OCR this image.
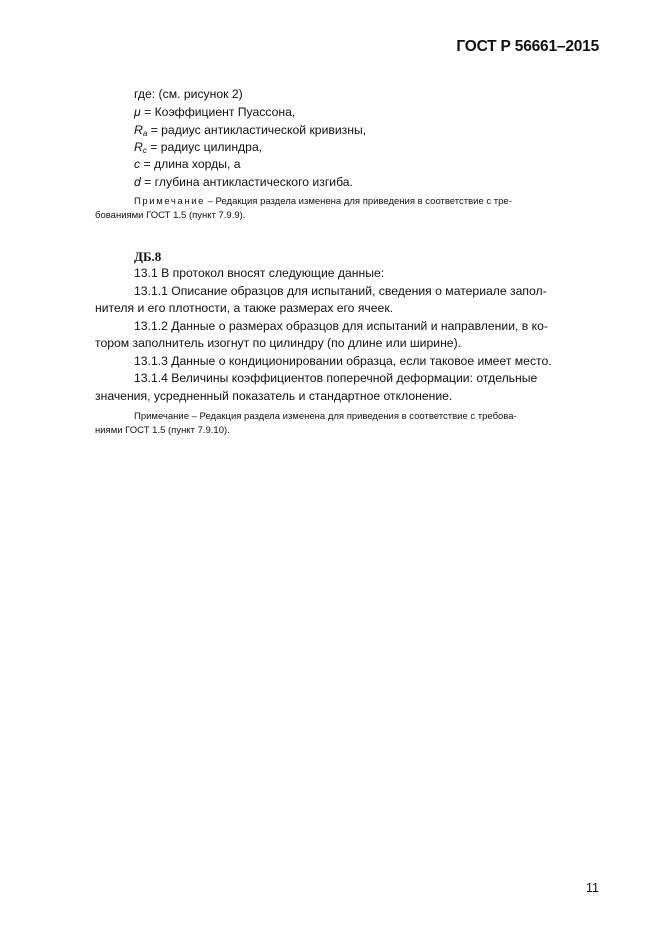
ГОСТ Р 56661–2015
где: (см. рисунок 2)
μ = Коэффициент Пуассона,
$R_a$ = радиус антикластической кривизны,
$R_c$ = радиус цилиндра,
c = длина хорды, а
d = глубина антикластического изгиба.
Примечание – Редакция раздела изменена для приведения в соответствие с тре-
бованиями ГОСТ 1.5 (пункт 7.9.9).
ДБ.8
13.1 В протокол вносят следующие данные:
13.1.1 Описание образцов для испытаний, сведения о материале запол-
нителя и его плотности, а также размерах его ячеек.
13.1.2 Данные о размерах образцов для испытаний и направлении, в ко-
тором заполнитель изогнут по цилиндру (по длине или ширине).
13.1.3 Данные о кондиционировании образца, если таковое имеет место.
13.1.4 Величины коэффициентов поперечной деформации: отдельные
значения, усредненный показатель и стандартное отклонение.
Примечание – Редакция раздела изменена для приведения в соответствие с требова-
ниями ГОСТ 1.5 (пункт 7.9.10).
11
